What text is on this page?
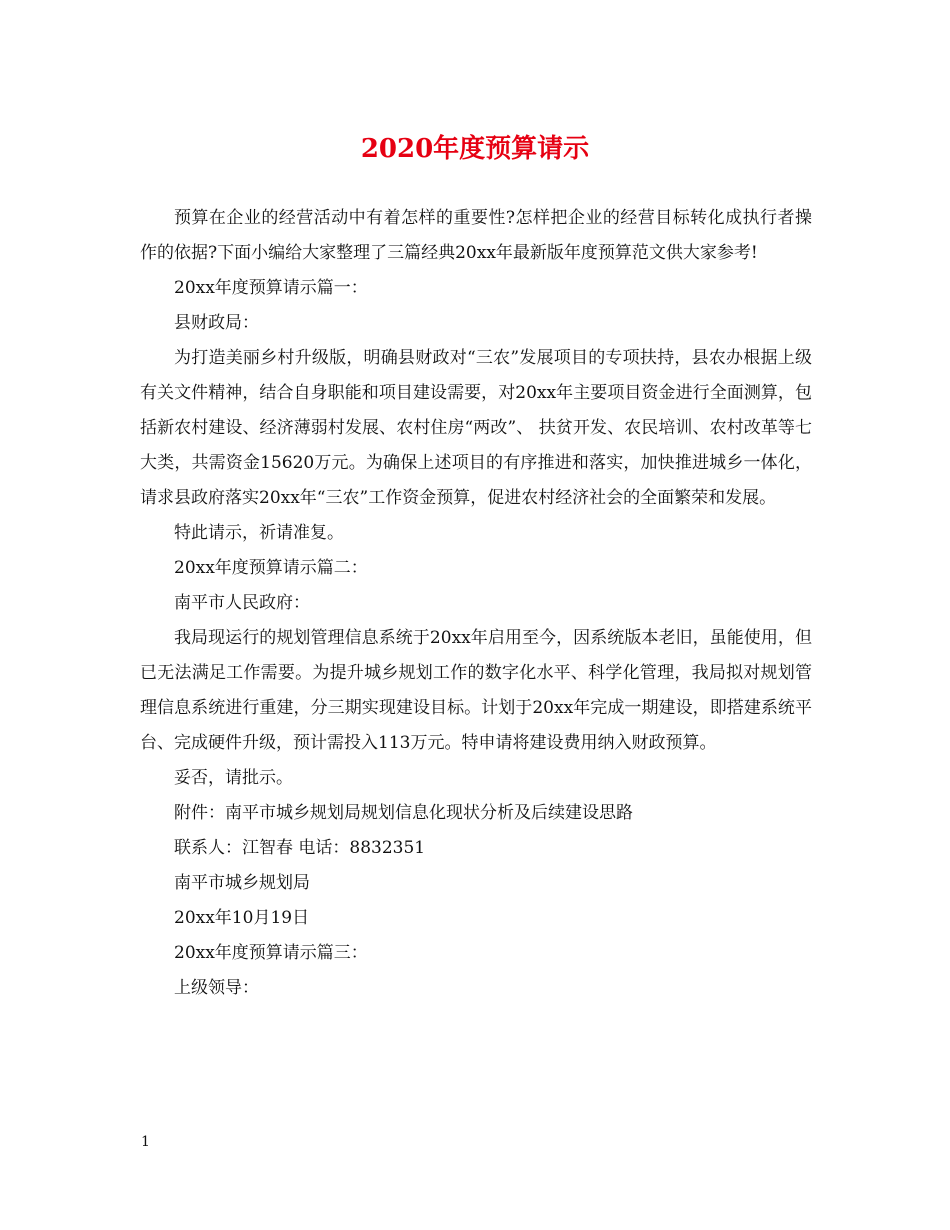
2020年度预算请示

预算在企业的经营活动中有着怎样的重要性?怎样把企业的经营目标转化成执行者操作的依据?下面小编给大家整理了三篇经典20xx年最新版年度预算范文供大家参考!

20xx年度预算请示篇一：

县财政局：

为打造美丽乡村升级版，明确县财政对“三农”发展项目的专项扶持，县农办根据上级有关文件精神，结合自身职能和项目建设需要，对20xx年主要项目资金进行全面测算，包括新农村建设、经济薄弱村发展、农村住房“两改”、 扶贫开发、农民培训、农村改革等七大类，共需资金15620万元。为确保上述项目的有序推进和落实，加快推进城乡一体化，请求县政府落实20xx年“三农”工作资金预算，促进农村经济社会的全面繁荣和发展。

特此请示，祈请准复。

20xx年度预算请示篇二：

南平市人民政府：

我局现运行的规划管理信息系统于20xx年启用至今，因系统版本老旧，虽能使用，但已无法满足工作需要。为提升城乡规划工作的数字化水平、科学化管理，我局拟对规划管理信息系统进行重建，分三期实现建设目标。计划于20xx年完成一期建设，即搭建系统平台、完成硬件升级，预计需投入113万元。特申请将建设费用纳入财政预算。

妥否，请批示。

附件：南平市城乡规划局规划信息化现状分析及后续建设思路

联系人：江智春 电话：8832351

南平市城乡规划局

20xx年10月19日

20xx年度预算请示篇三：

上级领导：

1
